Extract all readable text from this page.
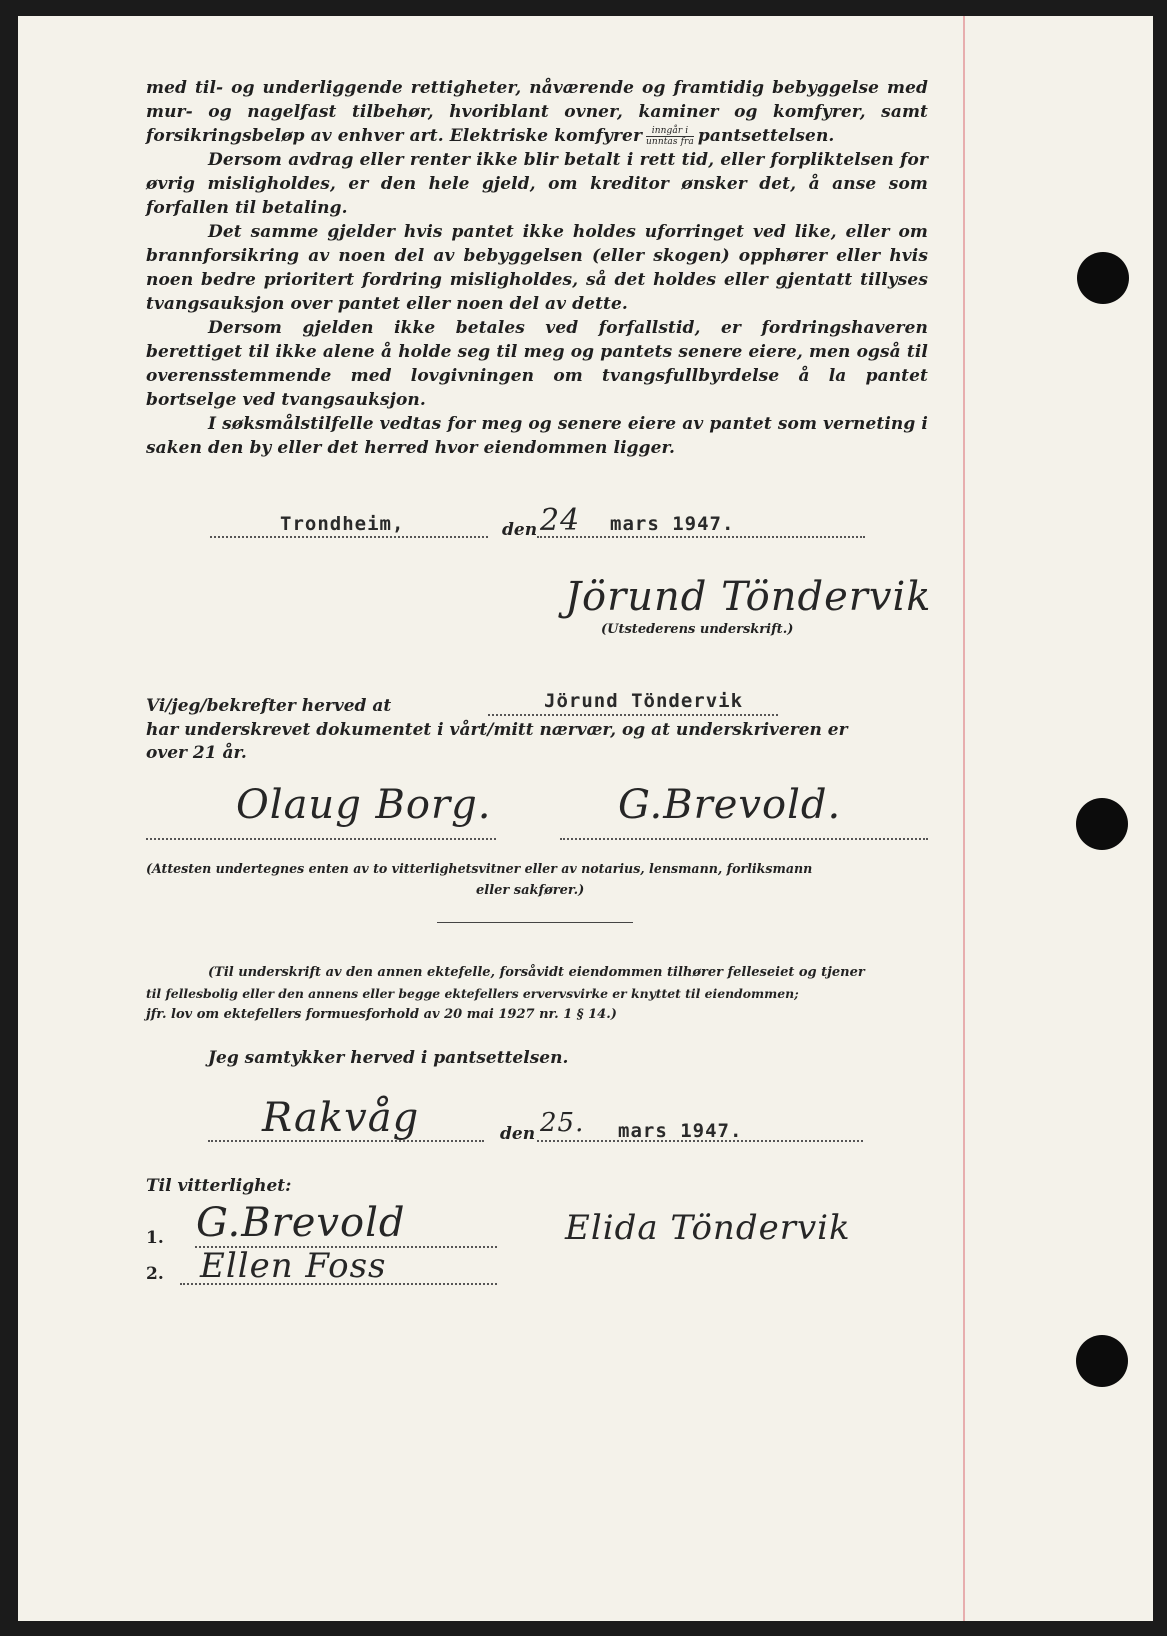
med til- og underliggende rettigheter, nåværende og framtidig bebyggelse med mur- og nagelfast tilbehør, hvoriblant ovner, kaminer og komfyrer, samt forsikringsbeløp av enhver art. Elektriske komfyrer $\frac{\text{inngår i}}{\text{unntas fra}}$ pantsettelsen.

Dersom avdrag eller renter ikke blir betalt i rett tid, eller forpliktelsen for øvrig misligholdes, er den hele gjeld, om kreditor ønsker det, å anse som forfallen til betaling.

Det samme gjelder hvis pantet ikke holdes uforringet ved like, eller om brannforsikring av noen del av bebyggelsen (eller skogen) opphører eller hvis noen bedre prioritert fordring misligholdes, så det holdes eller gjentatt tillyses tvangsauksjon over pantet eller noen del av dette.

Dersom gjelden ikke betales ved forfallstid, er fordringshaveren berettiget til ikke alene å holde seg til meg og pantets senere eiere, men også til overensstemmende med lovgivningen om tvangsfullbyrdelse å la pantet bortselge ved tvangsauksjon.

I søksmålstilfelle vedtas for meg og senere eiere av pantet som verneting i saken den by eller det herred hvor eiendommen ligger.

Trondheim,	den 24 mars 1947.
Jörund Töndervik
(Utstederens underskrift.)
Vi/jeg/bekrefter herved at	Jörund Töndervik
har underskrevet dokumentet i vårt/mitt nærvær, og at underskriveren er
over 21 år.
Olaug Borg.	G.Brevold.
(Attesten undertegnes enten av to vitterlighetsvitner eller av notarius, lensmann, forliksmann
eller sakfører.)
(Til underskrift av den annen ektefelle, forsåvidt eiendommen tilhører felleseiet og tjener
til fellesbolig eller den annens eller begge ektefellers ervervsvirke er knyttet til eiendommen;
jfr. lov om ektefellers formuesforhold av 20 mai 1927 nr. 1 § 14.)
Jeg samtykker herved i pantsettelsen.
Rakvåg	den 25. mars 1947.
Til vitterlighet:
1.
2.
G.Brevold
Ellen Foss
Elida Töndervik
